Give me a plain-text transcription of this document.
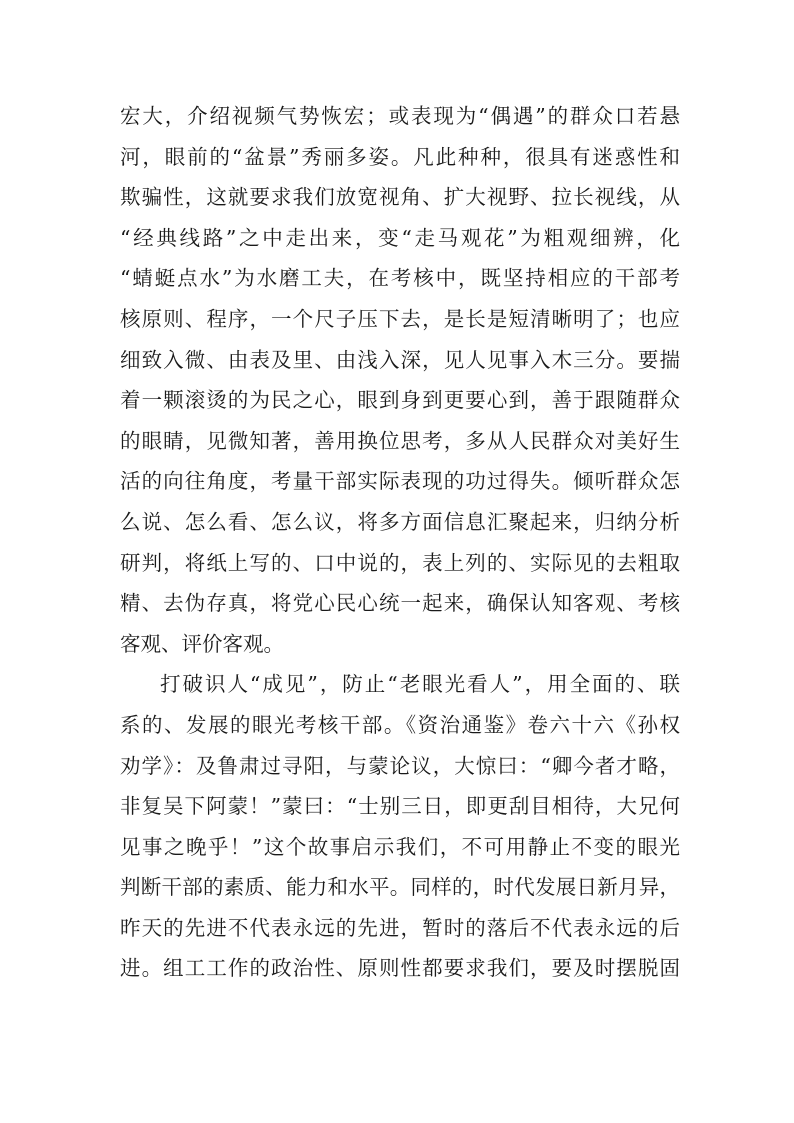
宏大，介绍视频气势恢宏；或表现为“偶遇”的群众口若悬
河，眼前的“盆景”秀丽多姿。凡此种种，很具有迷惑性和
欺骗性，这就要求我们放宽视角、扩大视野、拉长视线，从
“经典线路”之中走出来，变“走马观花”为粗观细辨，化
“蜻蜓点水”为水磨工夫，在考核中，既坚持相应的干部考
核原则、程序，一个尺子压下去，是长是短清晰明了；也应
细致入微、由表及里、由浅入深，见人见事入木三分。要揣
着一颗滚烫的为民之心，眼到身到更要心到，善于跟随群众
的眼睛，见微知著，善用换位思考，多从人民群众对美好生
活的向往角度，考量干部实际表现的功过得失。倾听群众怎
么说、怎么看、怎么议，将多方面信息汇聚起来，归纳分析
研判，将纸上写的、口中说的，表上列的、实际见的去粗取
精、去伪存真，将党心民心统一起来，确保认知客观、考核
客观、评价客观。
打破识人“成见”，防止“老眼光看人”，用全面的、联
系的、发展的眼光考核干部。《资治通鉴》卷六十六《孙权
劝学》：及鲁肃过寻阳，与蒙论议，大惊曰：“卿今者才略，
非复吴下阿蒙！”蒙曰：“士别三日，即更刮目相待，大兄何
见事之晚乎！”这个故事启示我们，不可用静止不变的眼光
判断干部的素质、能力和水平。同样的，时代发展日新月异，
昨天的先进不代表永远的先进，暂时的落后不代表永远的后
进。组工工作的政治性、原则性都要求我们，要及时摆脱固
